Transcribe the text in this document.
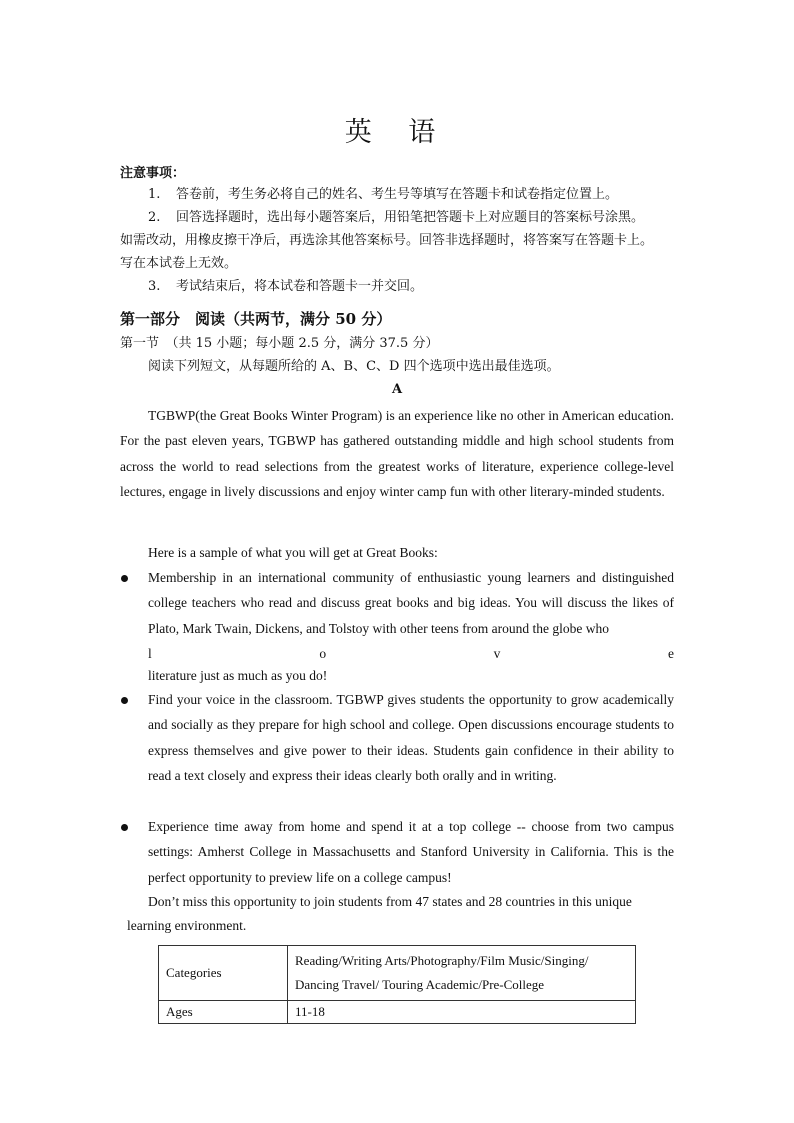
英 语
注意事项：
1. 答卷前，考生务必将自己的姓名、考生号等填写在答题卡和试卷指定位置上。
2. 回答选择题时，选出每小题答案后，用铅笔把答题卡上对应题目的答案标号涂黑。
如需改动，用橡皮擦干净后，再选涂其他答案标号。回答非选择题时，将答案写在答题卡上。
写在本试卷上无效。
3. 考试结束后，将本试卷和答题卡一并交回。
第一部分　阅读（共两节，满分 50 分）
第一节　（共 15 小题；每小题 2.5 分，满分 37.5 分）
阅读下列短文，从每题所给的 A、B、C、D 四个选项中选出最佳选项。
A
TGBWP(the Great Books Winter Program) is an experience like no other in American education. For the past eleven years, TGBWP has gathered outstanding middle and high school students from across the world to read selections from the greatest works of literature, experience college-level lectures, engage in lively discussions and enjoy winter camp fun with other literary-minded students.
Here is a sample of what you will get at Great Books:
Membership in an international community of enthusiastic young learners and distinguished college teachers who read and discuss great books and big ideas. You will discuss the likes of Plato, Mark Twain, Dickens, and Tolstoy with other teens from around the globe who
l	o	v	e
literature just as much as you do!
Find your voice in the classroom. TGBWP gives students the opportunity to grow academically and socially as they prepare for high school and college. Open discussions encourage students to express themselves and give power to their ideas. Students gain confidence in their ability to read a text closely and express their ideas clearly both orally and in writing.
Experience time away from home and spend it at a top college -- choose from two campus settings: Amherst College in Massachusetts and Stanford University in California. This is the perfect opportunity to preview life on a college campus!
Don’t miss this opportunity to join students from 47 states and 28 countries in this unique
learning environment.
Categories	Reading/Writing Arts/Photography/Film Music/Singing/
Dancing Travel/ Touring Academic/Pre-College

Ages	11-18
